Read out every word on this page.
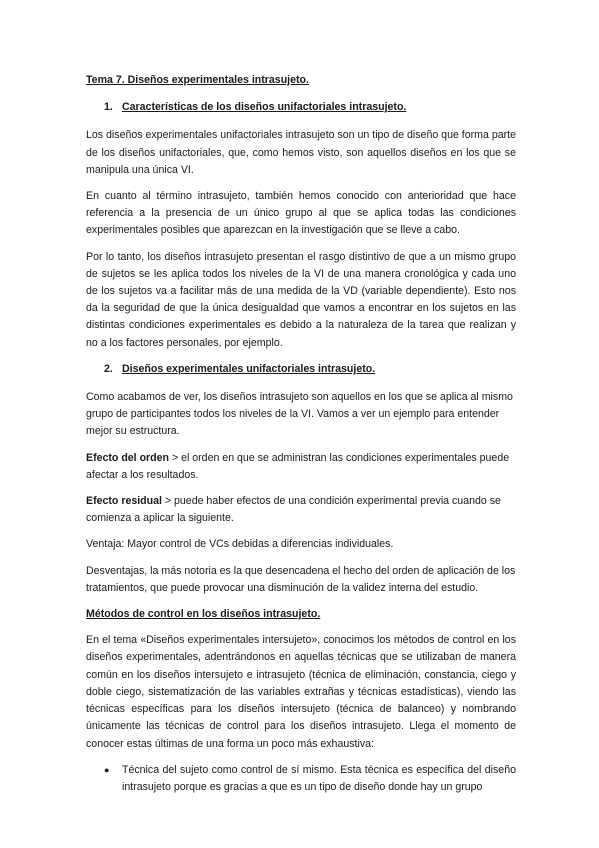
Tema 7. Diseños experimentales intrasujeto.
1. Características de los diseños unifactoriales intrasujeto.

Los diseños experimentales unifactoriales intrasujeto son un tipo de diseño que forma parte de los diseños unifactoriales, que, como hemos visto, son aquellos diseños en los que se manipula una única VI.

En cuanto al término intrasujeto, también hemos conocido con anterioridad que hace referencia a la presencia de un único grupo al que se aplica todas las condiciones experimentales posibles que aparezcan en la investigación que se lleve a cabo.

Por lo tanto, los diseños intrasujeto presentan el rasgo distintivo de que a un mismo grupo de sujetos se les aplica todos los niveles de la VI de una manera cronológica y cada uno de los sujetos va a facilitar más de una medida de la VD (variable dependiente). Esto nos da la seguridad de que la única desigualdad que vamos a encontrar en los sujetos en las distintas condiciones experimentales es debido a la naturaleza de la tarea que realizan y no a los factores personales, por ejemplo.

2. Diseños experimentales unifactoriales intrasujeto.

Como acabamos de ver, los diseños intrasujeto son aquellos en los que se aplica al mismo grupo de participantes todos los niveles de la VI. Vamos a ver un ejemplo para entender mejor su estructura.

Efecto del orden > el orden en que se administran las condiciones experimentales puede afectar a los resultados.

Efecto residual > puede haber efectos de una condición experimental previa cuando se comienza a aplicar la siguiente.

Ventaja: Mayor control de VCs debidas a diferencias individuales.

Desventajas, la más notoria es la que desencadena el hecho del orden de aplicación de los tratamientos, que puede provocar una disminución de la validez interna del estudio.

Métodos de control en los diseños intrasujeto.

En el tema «Diseños experimentales intersujeto», conocimos los métodos de control en los diseños experimentales, adentrándonos en aquellas técnicas que se utilizaban de manera común en los diseños intersujeto e intrasujeto (técnica de eliminación, constancia, ciego y doble ciego, sistematización de las variables extrañas y técnicas estadísticas), viendo las técnicas específicas para los diseños intersujeto (técnica de balanceo) y nombrando únicamente las técnicas de control para los diseños intrasujeto. Llega el momento de conocer estas últimas de una forma un poco más exhaustiva:

●	Técnica del sujeto como control de sí mismo. Esta técnica es específica del diseño intrasujeto porque es gracias a que es un tipo de diseño donde hay un grupo
